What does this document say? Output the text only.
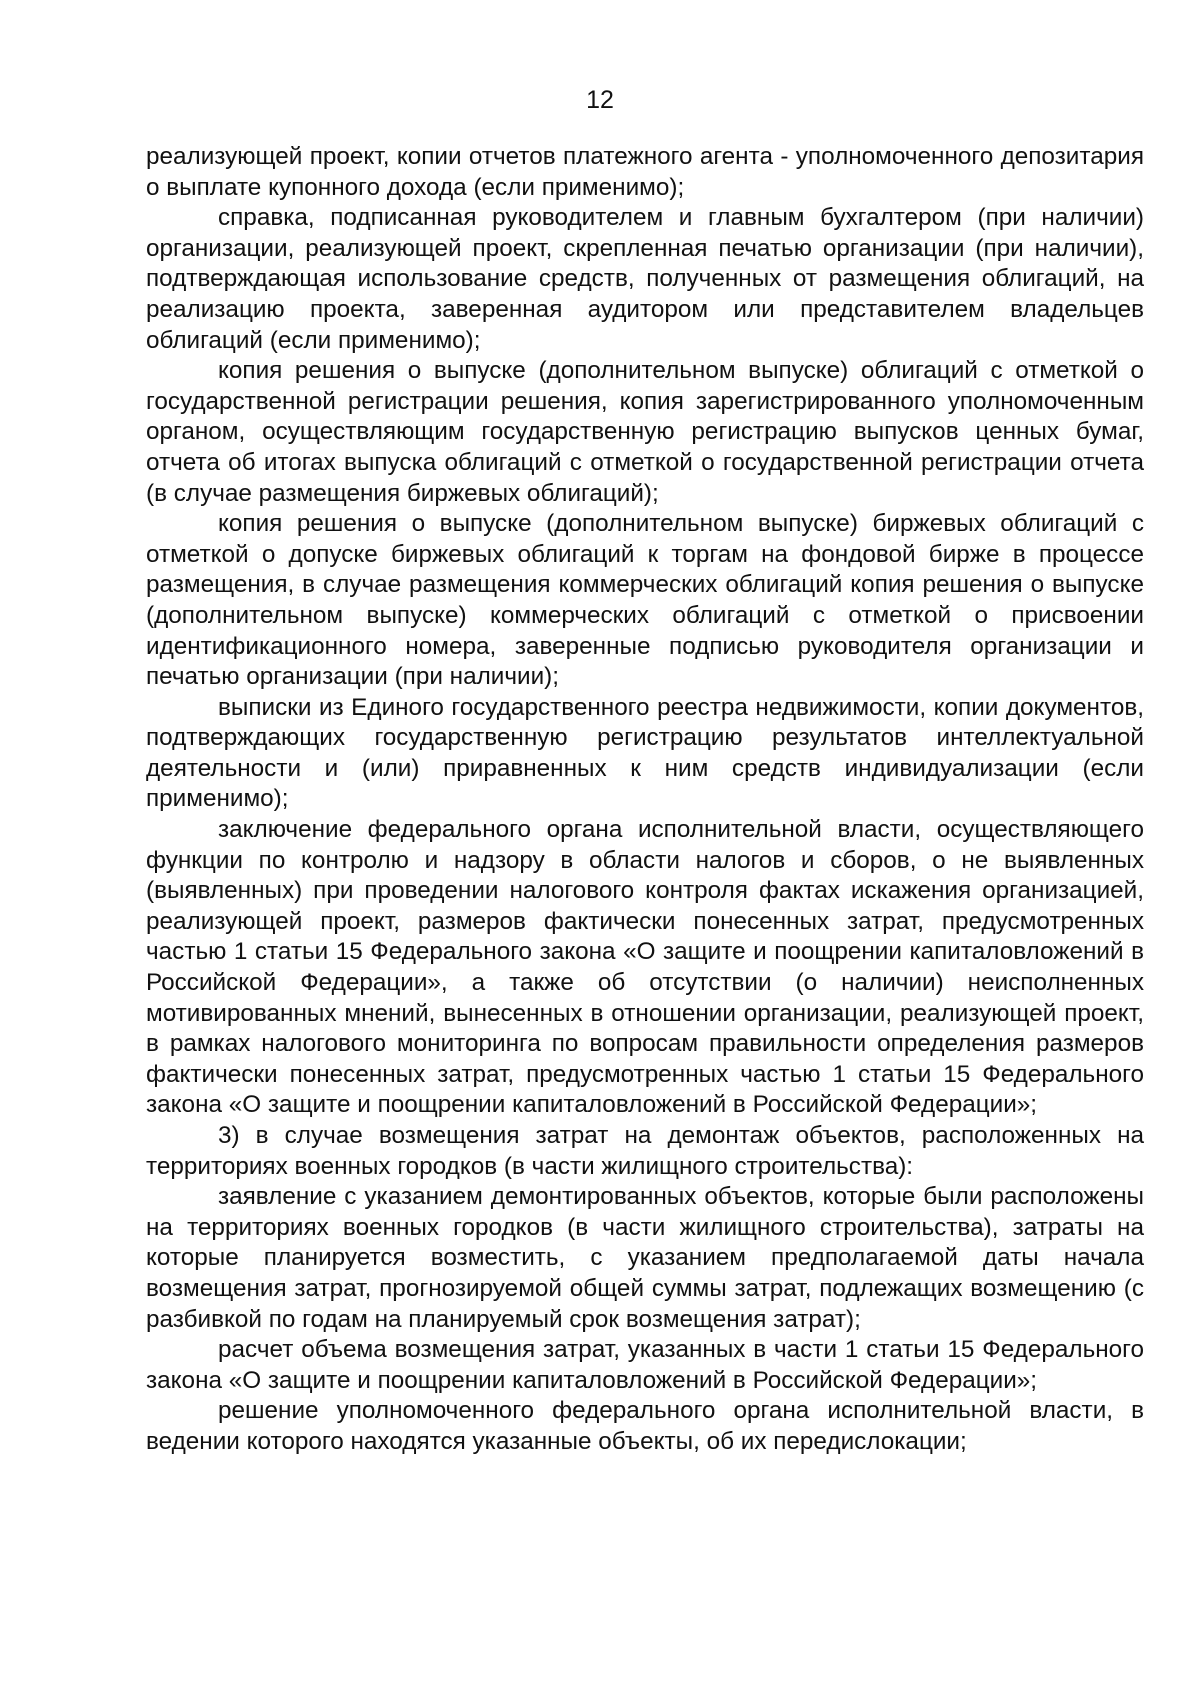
12

реализующей проект, копии отчетов платежного агента - уполномоченного депозитария о выплате купонного дохода (если применимо);

справка, подписанная руководителем и главным бухгалтером (при наличии) организации, реализующей проект, скрепленная печатью организации (при наличии), подтверждающая использование средств, полученных от размещения облигаций, на реализацию проекта, заверенная аудитором или представителем владельцев облигаций (если применимо);

копия решения о выпуске (дополнительном выпуске) облигаций с отметкой о государственной регистрации решения, копия зарегистрированного уполномоченным органом, осуществляющим государственную регистрацию выпусков ценных бумаг, отчета об итогах выпуска облигаций с отметкой о государственной регистрации отчета (в случае размещения биржевых облигаций);

копия решения о выпуске (дополнительном выпуске) биржевых облигаций с отметкой о допуске биржевых облигаций к торгам на фондовой бирже в процессе размещения, в случае размещения коммерческих облигаций копия решения о выпуске (дополнительном выпуске) коммерческих облигаций с отметкой о присвоении идентификационного номера, заверенные подписью руководителя организации и печатью организации (при наличии);

выписки из Единого государственного реестра недвижимости, копии документов, подтверждающих государственную регистрацию результатов интеллектуальной деятельности и (или) приравненных к ним средств индивидуализации (если применимо);

заключение федерального органа исполнительной власти, осуществляющего функции по контролю и надзору в области налогов и сборов, о не выявленных (выявленных) при проведении налогового контроля фактах искажения организацией, реализующей проект, размеров фактически понесенных затрат, предусмотренных частью 1 статьи 15 Федерального закона «О защите и поощрении капиталовложений в Российской Федерации», а также об отсутствии (о наличии) неисполненных мотивированных мнений, вынесенных в отношении организации, реализующей проект, в рамках налогового мониторинга по вопросам правильности определения размеров фактически понесенных затрат, предусмотренных частью 1 статьи 15 Федерального закона «О защите и поощрении капиталовложений в Российской Федерации»;

3) в случае возмещения затрат на демонтаж объектов, расположенных на территориях военных городков (в части жилищного строительства):

заявление с указанием демонтированных объектов, которые были расположены на территориях военных городков (в части жилищного строительства), затраты на которые планируется возместить, с указанием предполагаемой даты начала возмещения затрат, прогнозируемой общей суммы затрат, подлежащих возмещению (с разбивкой по годам на планируемый срок возмещения затрат);

расчет объема возмещения затрат, указанных в части 1 статьи 15 Федерального закона «О защите и поощрении капиталовложений в Российской Федерации»;

решение уполномоченного федерального органа исполнительной власти, в ведении которого находятся указанные объекты, об их передислокации;
